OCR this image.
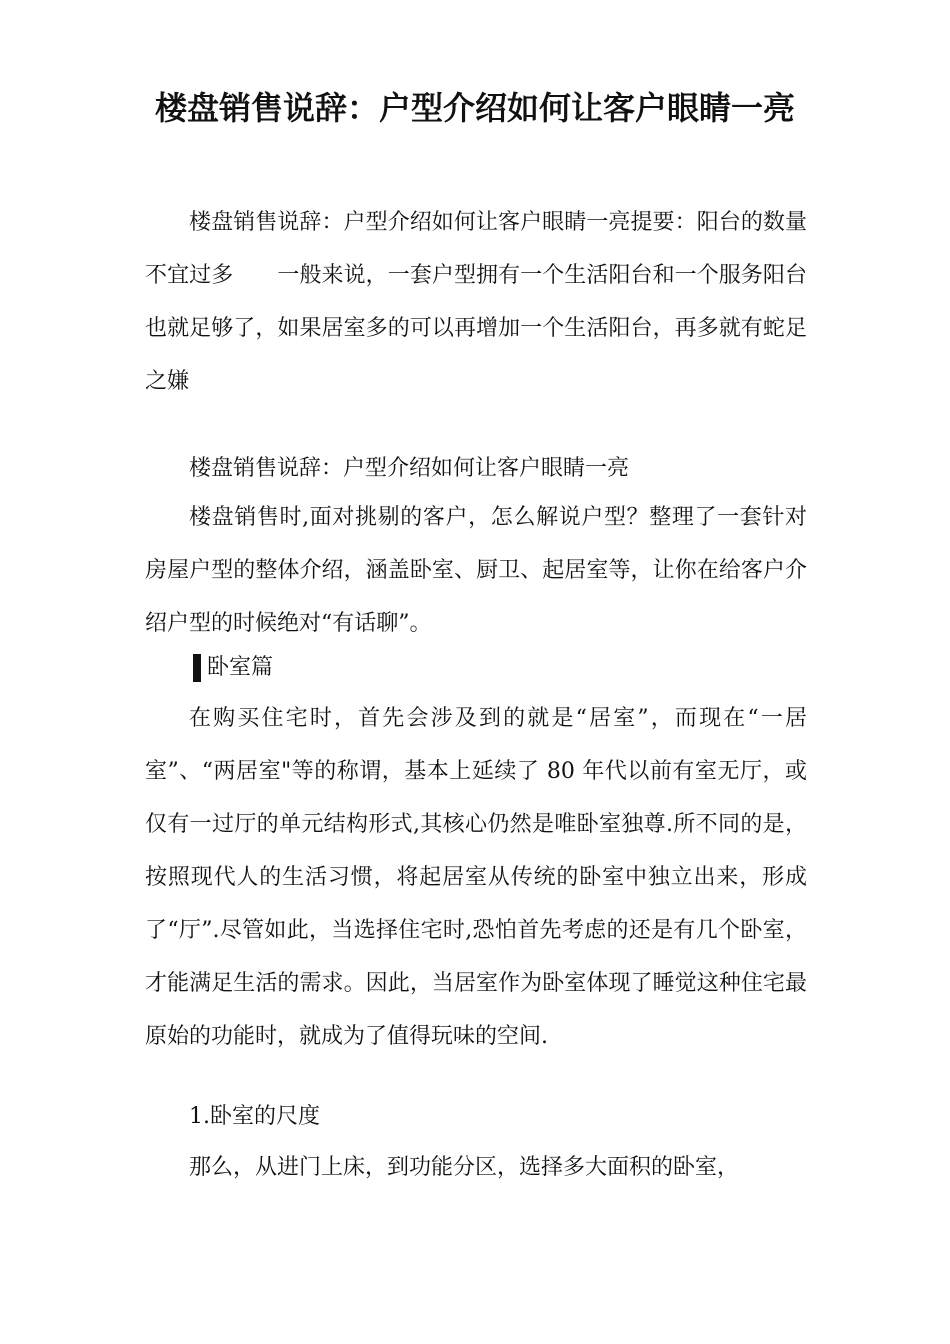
楼盘销售说辞：户型介绍如何让客户眼睛一亮

楼盘销售说辞：户型介绍如何让客户眼睛一亮提要：阳台的数量不宜过多　　一般来说，一套户型拥有一个生活阳台和一个服务阳台也就足够了，如果居室多的可以再增加一个生活阳台，再多就有蛇足之嫌

楼盘销售说辞：户型介绍如何让客户眼睛一亮

楼盘销售时,面对挑剔的客户，怎么解说户型？整理了一套针对房屋户型的整体介绍，涵盖卧室、厨卫、起居室等，让你在给客户介绍户型的时候绝对“有话聊”。

卧室篇

在购买住宅时，首先会涉及到的就是“居室”，而现在“一居室”、“两居室"等的称谓，基本上延续了 80 年代以前有室无厅，或仅有一过厅的单元结构形式,其核心仍然是唯卧室独尊.所不同的是，按照现代人的生活习惯，将起居室从传统的卧室中独立出来，形成了“厅”.尽管如此，当选择住宅时,恐怕首先考虑的还是有几个卧室，才能满足生活的需求。因此，当居室作为卧室体现了睡觉这种住宅最原始的功能时，就成为了值得玩味的空间.

1.卧室的尺度

那么，从进门上床，到功能分区，选择多大面积的卧室，
